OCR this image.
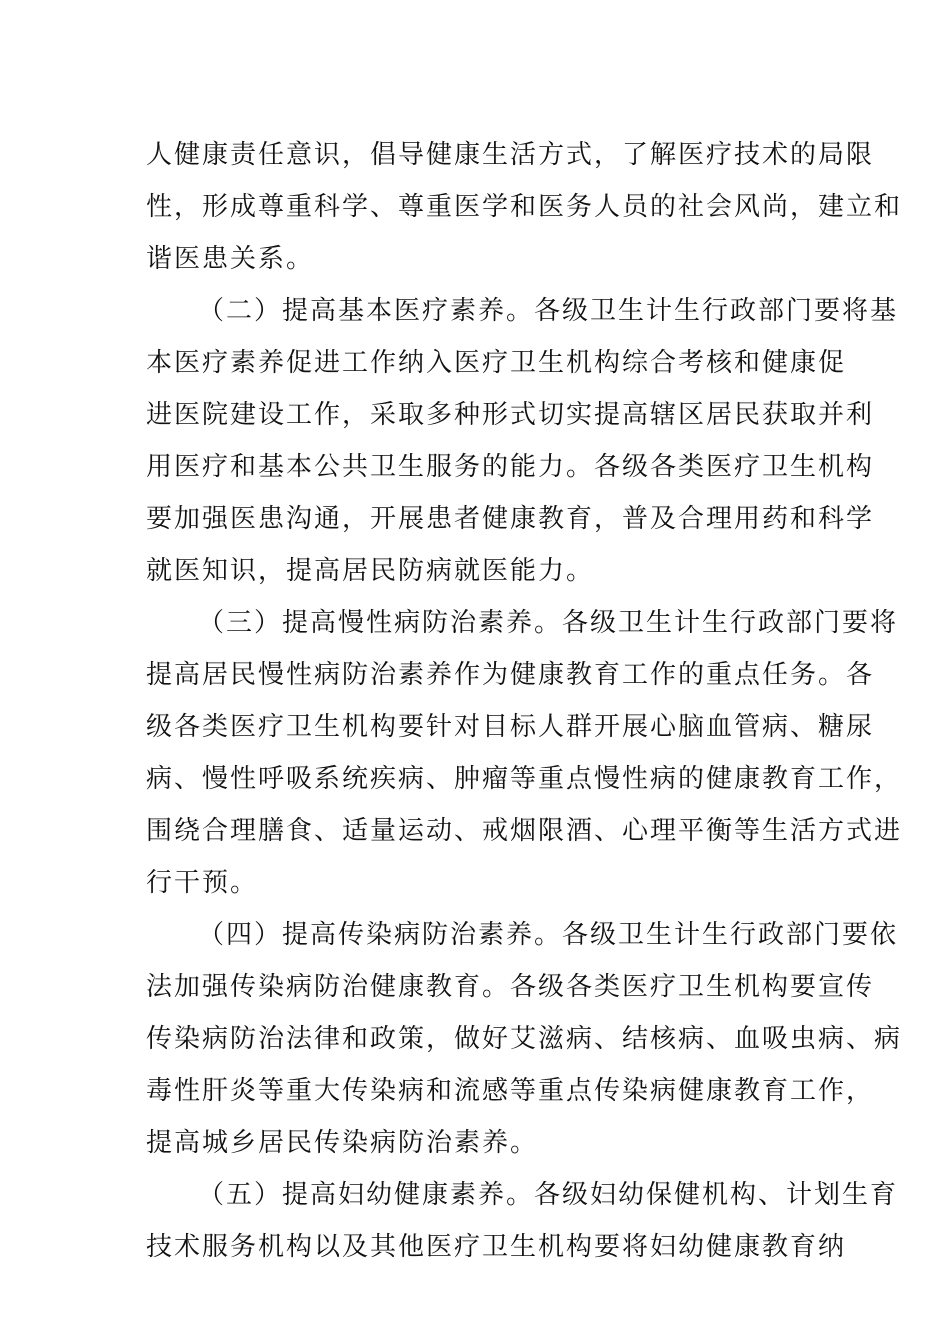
人健康责任意识，倡导健康生活方式，了解医疗技术的局限
性，形成尊重科学、尊重医学和医务人员的社会风尚，建立和
谐医患关系。
（二）提高基本医疗素养。各级卫生计生行政部门要将基
本医疗素养促进工作纳入医疗卫生机构综合考核和健康促
进医院建设工作，采取多种形式切实提高辖区居民获取并利
用医疗和基本公共卫生服务的能力。各级各类医疗卫生机构
要加强医患沟通，开展患者健康教育，普及合理用药和科学
就医知识，提高居民防病就医能力。
（三）提高慢性病防治素养。各级卫生计生行政部门要将
提高居民慢性病防治素养作为健康教育工作的重点任务。各
级各类医疗卫生机构要针对目标人群开展心脑血管病、糖尿
病、慢性呼吸系统疾病、肿瘤等重点慢性病的健康教育工作，
围绕合理膳食、适量运动、戒烟限酒、心理平衡等生活方式进
行干预。
（四）提高传染病防治素养。各级卫生计生行政部门要依
法加强传染病防治健康教育。各级各类医疗卫生机构要宣传
传染病防治法律和政策，做好艾滋病、结核病、血吸虫病、病
毒性肝炎等重大传染病和流感等重点传染病健康教育工作，
提高城乡居民传染病防治素养。
（五）提高妇幼健康素养。各级妇幼保健机构、计划生育
技术服务机构以及其他医疗卫生机构要将妇幼健康教育纳
